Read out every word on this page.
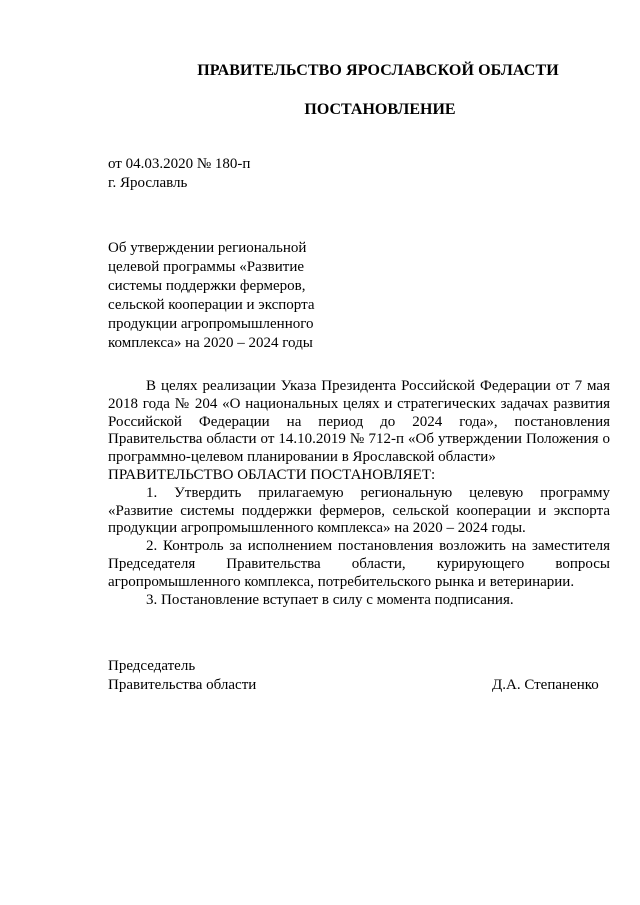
ПРАВИТЕЛЬСТВО ЯРОСЛАВСКОЙ ОБЛАСТИ
ПОСТАНОВЛЕНИЕ
от 04.03.2020 № 180-п
г. Ярославль
Об утверждении региональной
целевой программы «Развитие
системы поддержки фермеров,
сельской кооперации и экспорта
продукции агропромышленного
комплекса» на 2020 – 2024 годы

В целях реализации Указа Президента Российской Федерации от 7 мая 2018 года № 204 «О национальных целях и стратегических задачах развития Российской Федерации на период до 2024 года», постановления Правительства области от 14.10.2019 № 712-п «Об утверждении Положения о программно-целевом планировании в Ярославской области»

ПРАВИТЕЛЬСТВО ОБЛАСТИ ПОСТАНОВЛЯЕТ:

1. Утвердить прилагаемую региональную целевую программу «Развитие системы поддержки фермеров, сельской кооперации и экспорта продукции агропромышленного комплекса» на 2020 – 2024 годы.

2. Контроль за исполнением постановления возложить на заместителя Председателя Правительства области, курирующего вопросы агропромышленного комплекса, потребительского рынка и ветеринарии.

3. Постановление вступает в силу с момента подписания.

Председатель
Правительства области	Д.А. Степаненко
